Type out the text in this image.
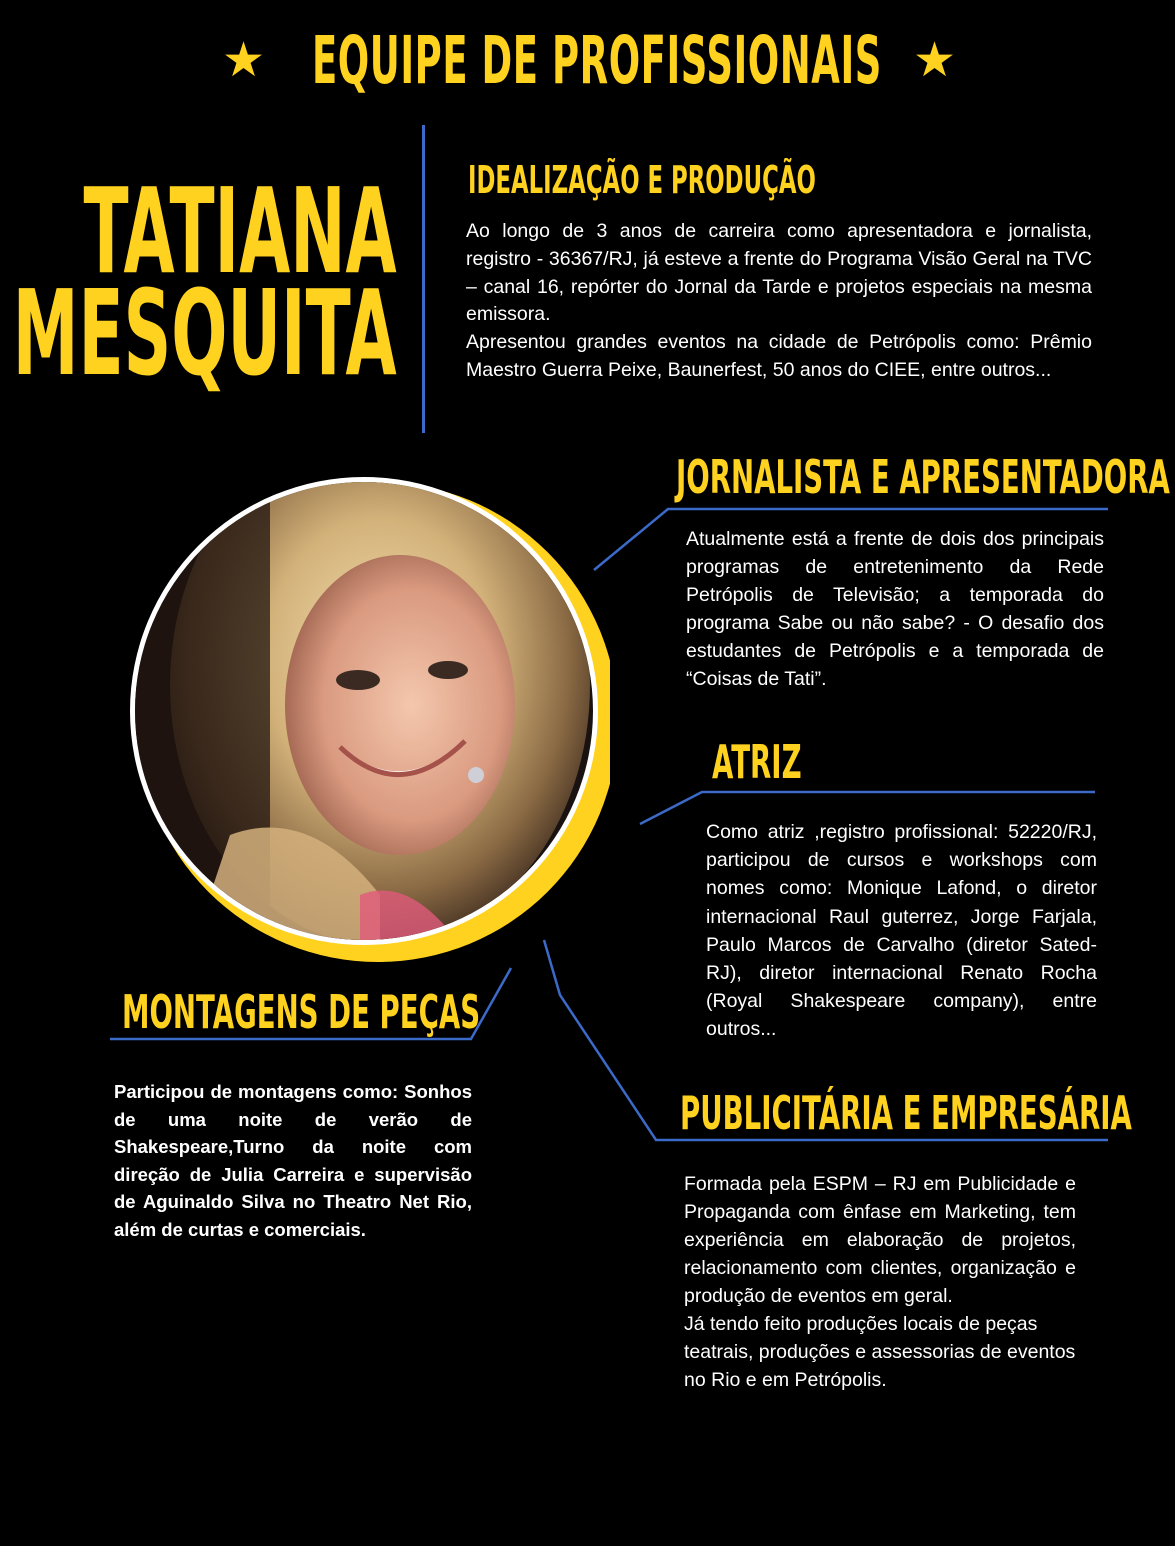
★ EQUIPE DE PROFISSIONAIS ★
TATIANA
MESQUITA
IDEALIZAÇÃO E PRODUÇÃO

Ao longo de 3 anos de carreira como apresentadora e jornalista, registro - 36367/RJ, já esteve a frente do Programa Visão Geral na TVC – canal 16, repórter do Jornal da Tarde e projetos especiais na mesma emissora.

Apresentou grandes eventos na cidade de Petrópolis como: Prêmio Maestro Guerra Peixe, Baunerfest, 50 anos do CIEE, entre outros...

JORNALISTA E APRESENTADORA

Atualmente está a frente de dois dos principais programas de entretenimento da Rede Petrópolis de Televisão; a temporada do programa Sabe ou não sabe? - O desafio dos estudantes de Petrópolis e a temporada de “Coisas de Tati”.

ATRIZ

Como atriz ,registro profissional: 52220/RJ, participou de cursos e workshops com nomes como: Monique Lafond, o diretor internacional Raul guterrez, Jorge Farjala, Paulo Marcos de Carvalho (diretor Sated-RJ), diretor internacional Renato Rocha (Royal Shakespeare company), entre outros...

MONTAGENS DE PEÇAS

Participou de montagens como: Sonhos de uma noite de verão de Shakespeare,Turno da noite com direção de Julia Carreira e supervisão de Aguinaldo Silva no Theatro Net Rio, além de curtas e comerciais.

PUBLICITÁRIA E EMPRESÁRIA

Formada pela ESPM – RJ em Publicidade e Propaganda com ênfase em Marketing, tem experiência em elaboração de projetos, relacionamento com clientes, organização e produção de eventos em geral.

Já tendo feito produções locais de peças teatrais, produções e assessorias de eventos no Rio e em Petrópolis.
